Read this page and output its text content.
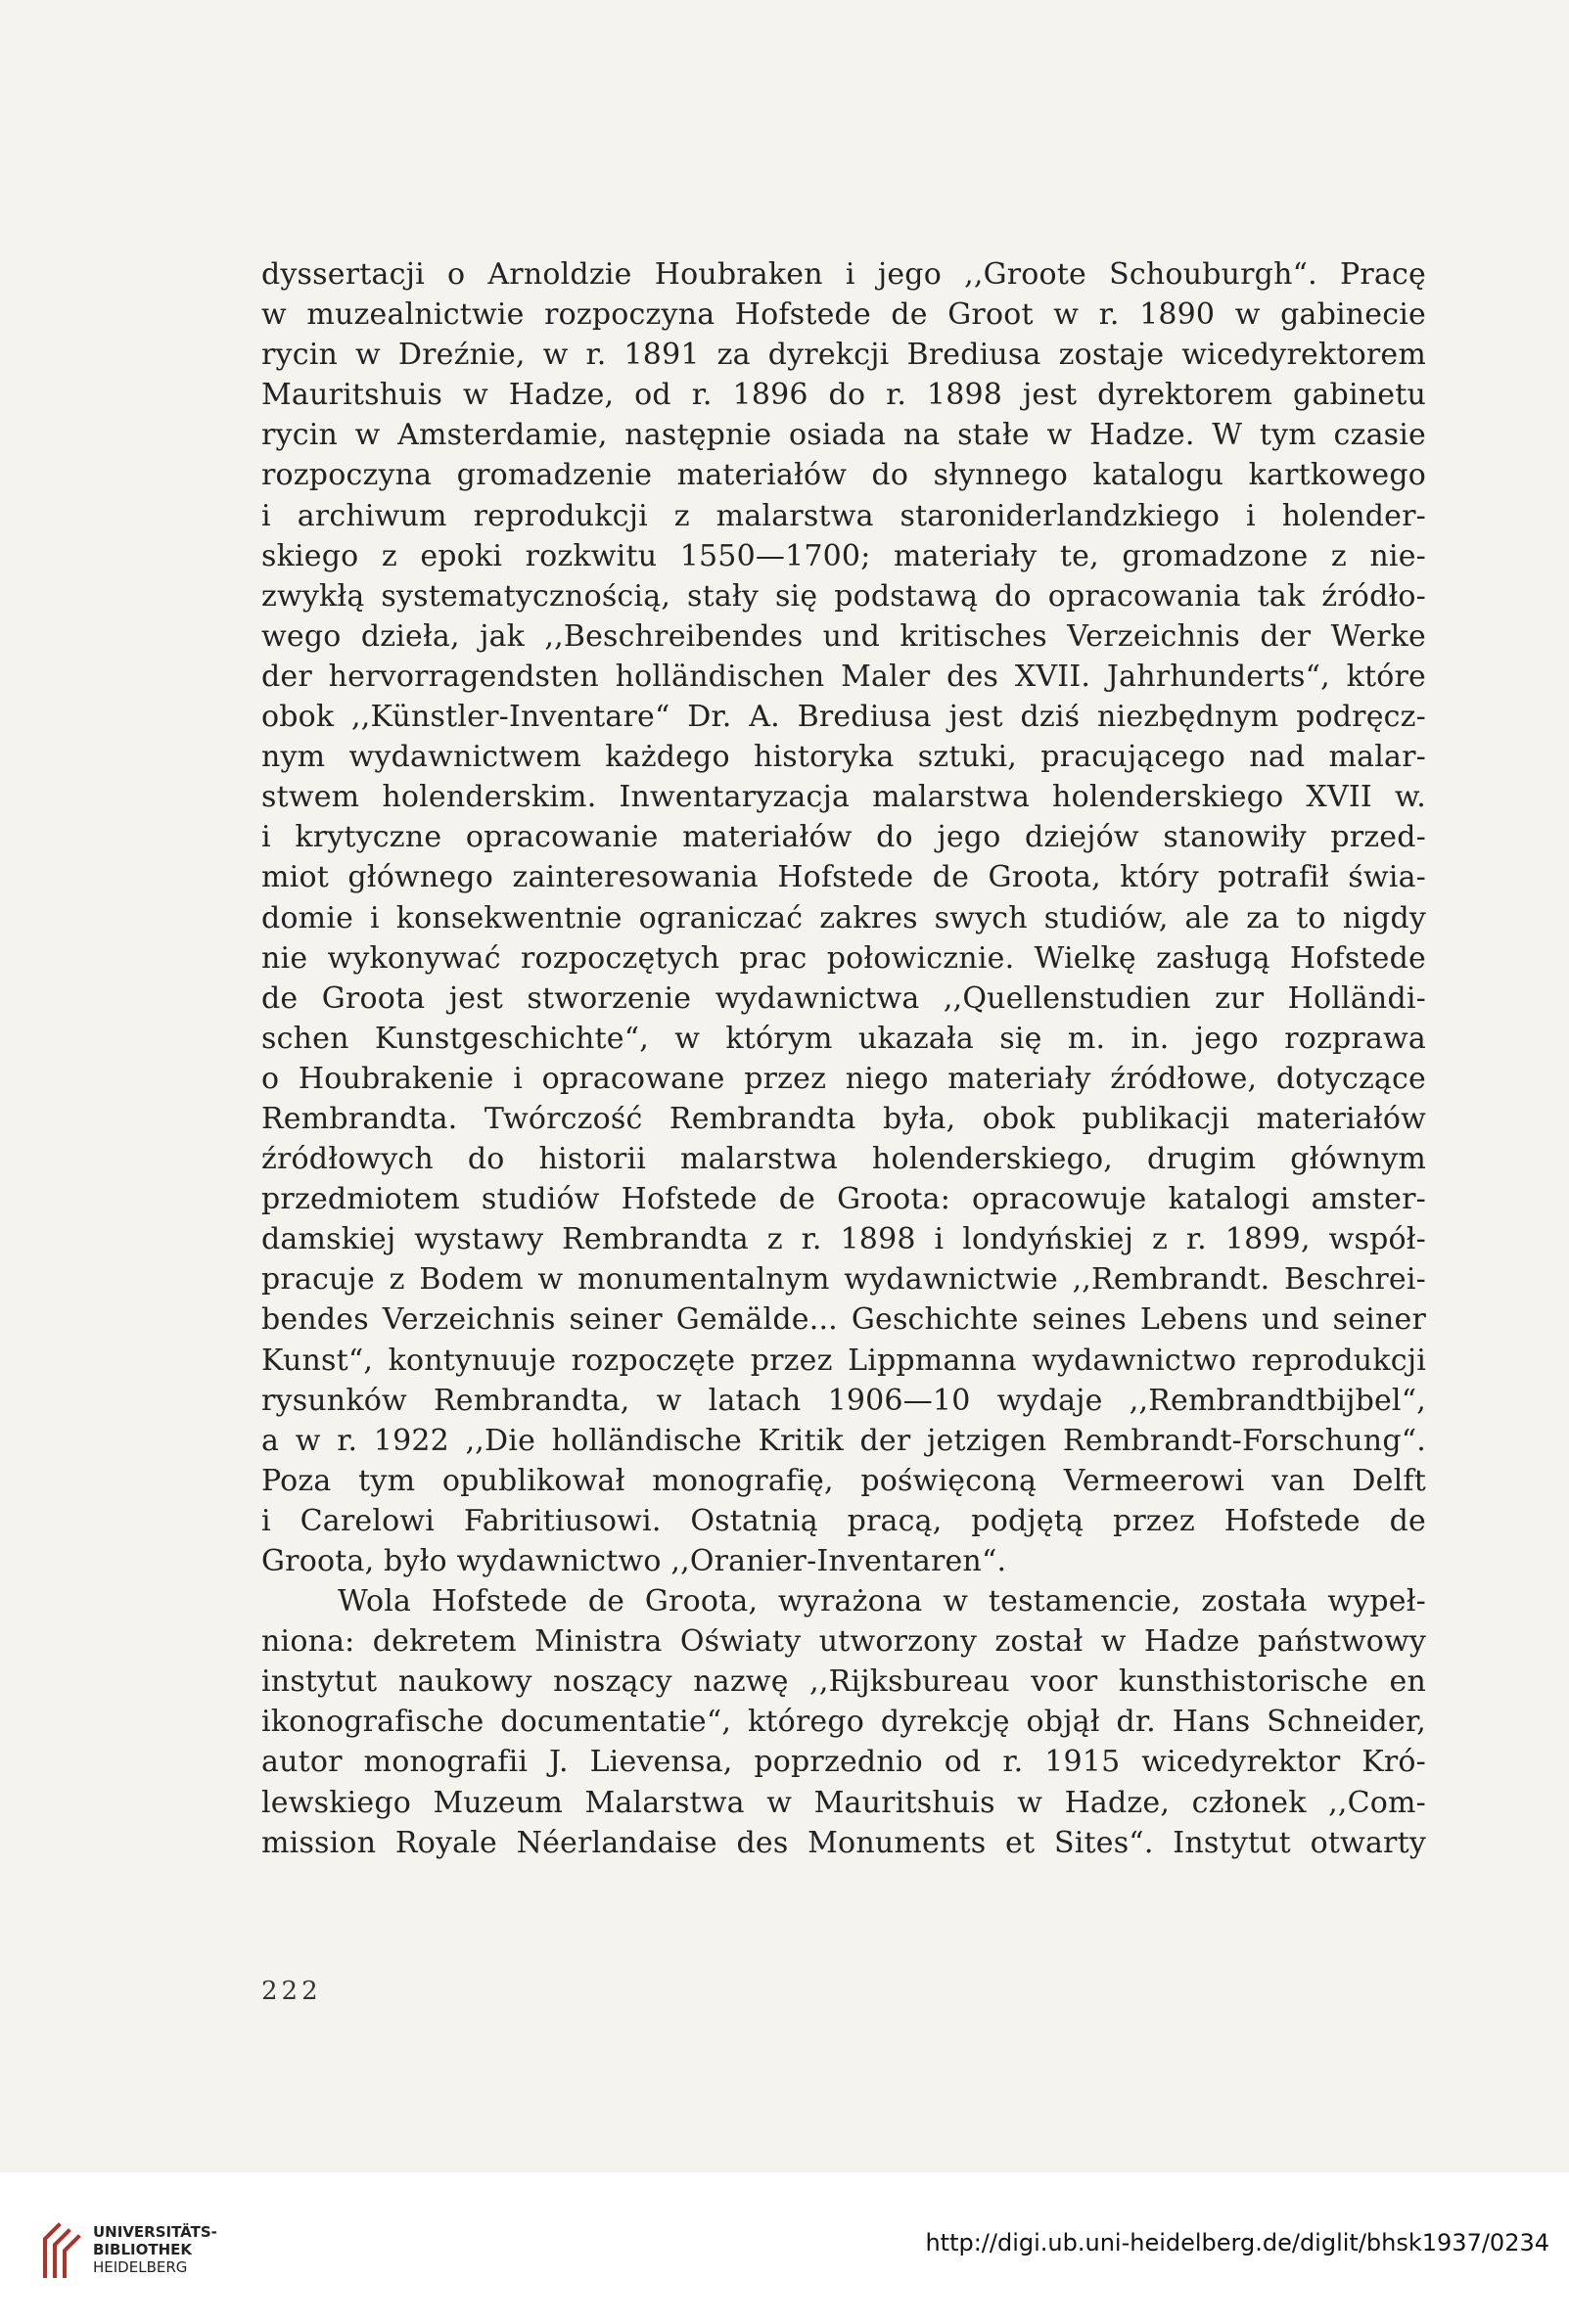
dyssertacji o Arnoldzie Houbraken i jego ,,Groote Schouburgh“. Pracę
w muzealnictwie rozpoczyna Hofstede de Groot w r. 1890 w gabinecie
rycin w Dreźnie, w r. 1891 za dyrekcji Brediusa zostaje wicedyrektorem
Mauritshuis w Hadze, od r. 1896 do r. 1898 jest dyrektorem gabinetu
rycin w Amsterdamie, następnie osiada na stałe w Hadze. W tym czasie
rozpoczyna gromadzenie materiałów do słynnego katalogu kartkowego
i archiwum reprodukcji z malarstwa staroniderlandzkiego i holender-
skiego z epoki rozkwitu 1550—1700; materiały te, gromadzone z nie-
zwykłą systematycznością, stały się podstawą do opracowania tak źródło-
wego dzieła, jak ,,Beschreibendes und kritisches Verzeichnis der Werke
der hervorragendsten holländischen Maler des XVII. Jahrhunderts“, które
obok ,,Künstler-Inventare“ Dr. A. Brediusa jest dziś niezbędnym podręcz-
nym wydawnictwem każdego historyka sztuki, pracującego nad malar-
stwem holenderskim. Inwentaryzacja malarstwa holenderskiego XVII w.
i krytyczne opracowanie materiałów do jego dziejów stanowiły przed-
miot głównego zainteresowania Hofstede de Groota, który potrafił świa-
domie i konsekwentnie ograniczać zakres swych studiów, ale za to nigdy
nie wykonywać rozpoczętych prac połowicznie. Wielkę zasługą Hofstede
de Groota jest stworzenie wydawnictwa ,,Quellenstudien zur Holländi-
schen Kunstgeschichte“, w którym ukazała się m. in. jego rozprawa
o Houbrakenie i opracowane przez niego materiały źródłowe, dotyczące
Rembrandta. Twórczość Rembrandta była, obok publikacji materiałów
źródłowych do historii malarstwa holenderskiego, drugim głównym
przedmiotem studiów Hofstede de Groota: opracowuje katalogi amster-
damskiej wystawy Rembrandta z r. 1898 i londyńskiej z r. 1899, współ-
pracuje z Bodem w monumentalnym wydawnictwie ,,Rembrandt. Beschrei-
bendes Verzeichnis seiner Gemälde... Geschichte seines Lebens und seiner
Kunst“, kontynuuje rozpoczęte przez Lippmanna wydawnictwo reprodukcji
rysunków Rembrandta, w latach 1906—10 wydaje ,,Rembrandtbijbel“,
a w r. 1922 ,,Die holländische Kritik der jetzigen Rembrandt-Forschung“.
Poza tym opublikował monografię, poświęconą Vermeerowi van Delft
i Carelowi Fabritiusowi. Ostatnią pracą, podjętą przez Hofstede de
Groota, było wydawnictwo ,,Oranier-Inventaren“.
Wola Hofstede de Groota, wyrażona w testamencie, została wypeł-
niona: dekretem Ministra Oświaty utworzony został w Hadze państwowy
instytut naukowy noszący nazwę ,,Rijksbureau voor kunsthistorische en
ikonografische documentatie“, którego dyrekcję objął dr. Hans Schneider,
autor monografii J. Lievensa, poprzednio od r. 1915 wicedyrektor Kró-
lewskiego Muzeum Malarstwa w Mauritshuis w Hadze, członek ,,Com-
mission Royale Néerlandaise des Monuments et Sites“. Instytut otwarty
222
UNIVERSITÄTS-
BIBLIOTHEK
HEIDELBERG
http://digi.ub.uni-heidelberg.de/diglit/bhsk1937/0234
